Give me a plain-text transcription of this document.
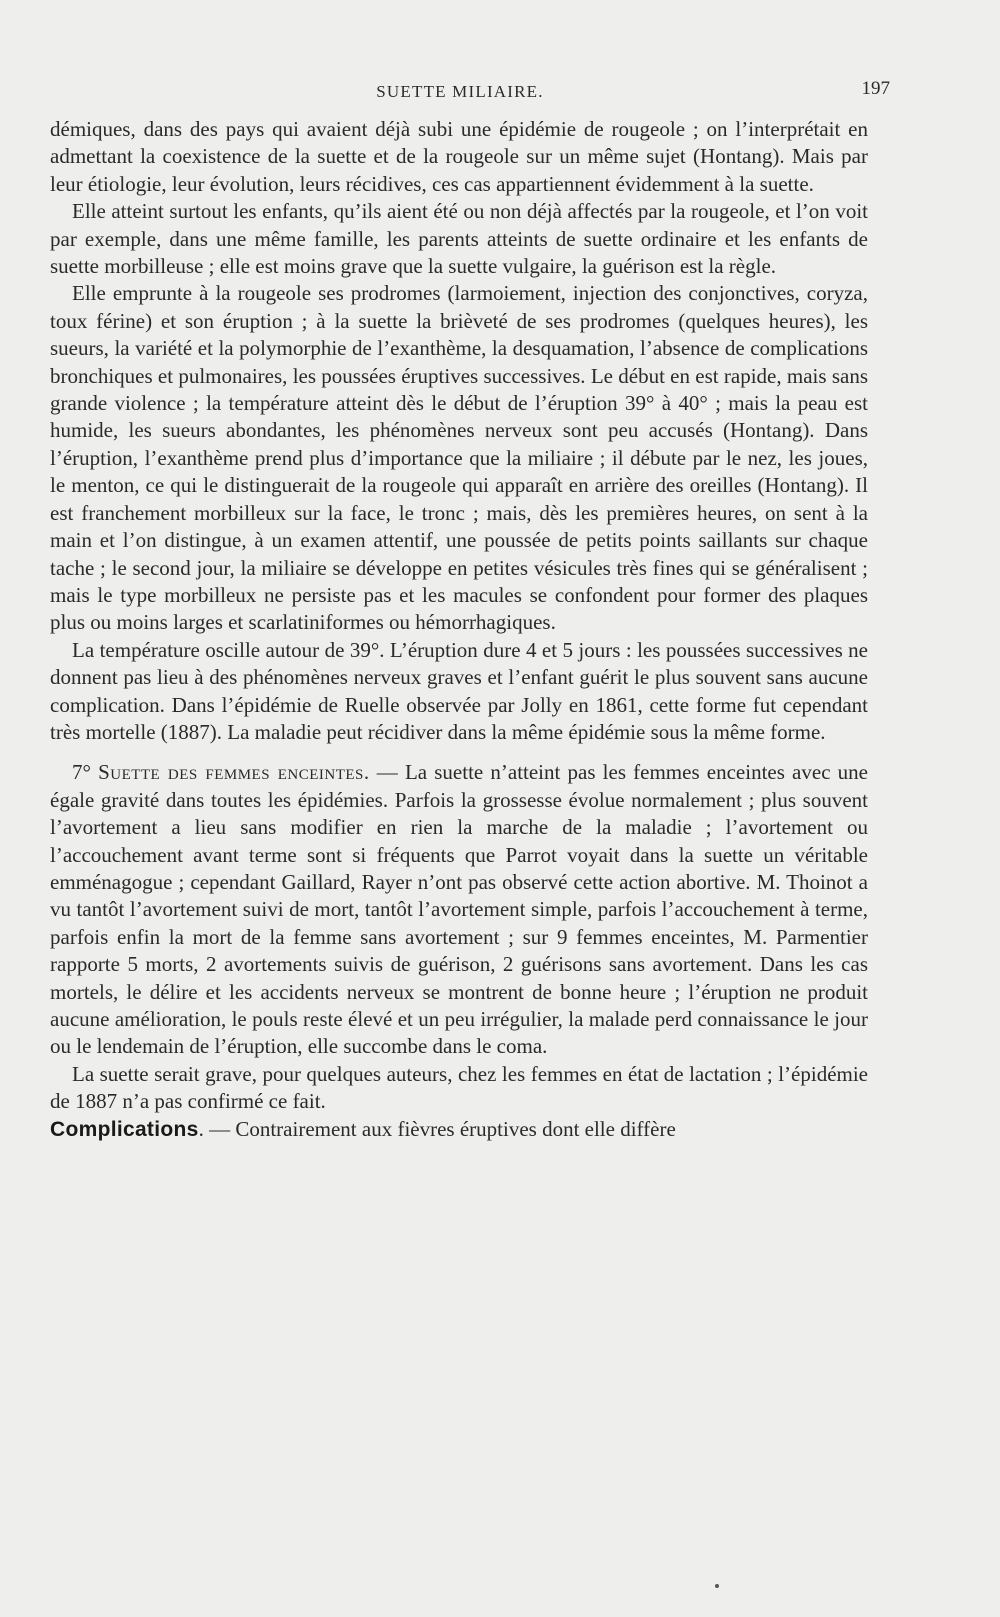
SUETTE MILIAIRE.	197

démiques, dans des pays qui avaient déjà subi une épidémie de rougeole ; on l’interprétait en admettant la coexistence de la suette et de la rougeole sur un même sujet (Hontang). Mais par leur étiologie, leur évolution, leurs récidives, ces cas appartiennent évidemment à la suette.

Elle atteint surtout les enfants, qu’ils aient été ou non déjà affectés par la rougeole, et l’on voit par exemple, dans une même famille, les parents atteints de suette ordinaire et les enfants de suette morbilleuse ; elle est moins grave que la suette vulgaire, la guérison est la règle.

Elle emprunte à la rougeole ses prodromes (larmoiement, injection des conjonctives, coryza, toux férine) et son éruption ; à la suette la brièveté de ses prodromes (quelques heures), les sueurs, la variété et la polymorphie de l’exanthème, la desquamation, l’absence de complications bronchiques et pulmonaires, les poussées éruptives successives. Le début en est rapide, mais sans grande violence ; la température atteint dès le début de l’éruption 39° à 40° ; mais la peau est humide, les sueurs abondantes, les phénomènes nerveux sont peu accusés (Hontang). Dans l’éruption, l’exanthème prend plus d’importance que la miliaire ; il débute par le nez, les joues, le menton, ce qui le distinguerait de la rougeole qui apparaît en arrière des oreilles (Hontang). Il est franchement morbilleux sur la face, le tronc ; mais, dès les premières heures, on sent à la main et l’on distingue, à un examen attentif, une poussée de petits points saillants sur chaque tache ; le second jour, la miliaire se développe en petites vésicules très fines qui se généralisent ; mais le type morbilleux ne persiste pas et les macules se confondent pour former des plaques plus ou moins larges et scarlatiniformes ou hémorrhagiques.

La température oscille autour de 39°. L’éruption dure 4 et 5 jours : les poussées successives ne donnent pas lieu à des phénomènes nerveux graves et l’enfant guérit le plus souvent sans aucune complication. Dans l’épidémie de Ruelle observée par Jolly en 1861, cette forme fut cependant très mortelle (1887). La maladie peut récidiver dans la même épidémie sous la même forme.

7° Suette des femmes enceintes. — La suette n’atteint pas les femmes enceintes avec une égale gravité dans toutes les épidémies. Parfois la grossesse évolue normalement ; plus souvent l’avortement a lieu sans modifier en rien la marche de la maladie ; l’avortement ou l’accouchement avant terme sont si fréquents que Parrot voyait dans la suette un véritable emménagogue ; cependant Gaillard, Rayer n’ont pas observé cette action abortive. M. Thoinot a vu tantôt l’avortement suivi de mort, tantôt l’avortement simple, parfois l’accouchement à terme, parfois enfin la mort de la femme sans avortement ; sur 9 femmes enceintes, M. Parmentier rapporte 5 morts, 2 avortements suivis de guérison, 2 guérisons sans avortement. Dans les cas mortels, le délire et les accidents nerveux se montrent de bonne heure ; l’éruption ne produit aucune amélioration, le pouls reste élevé et un peu irrégulier, la malade perd connaissance le jour ou le lendemain de l’éruption, elle succombe dans le coma.

La suette serait grave, pour quelques auteurs, chez les femmes en état de lactation ; l’épidémie de 1887 n’a pas confirmé ce fait.

Complications. — Contrairement aux fièvres éruptives dont elle diffère
